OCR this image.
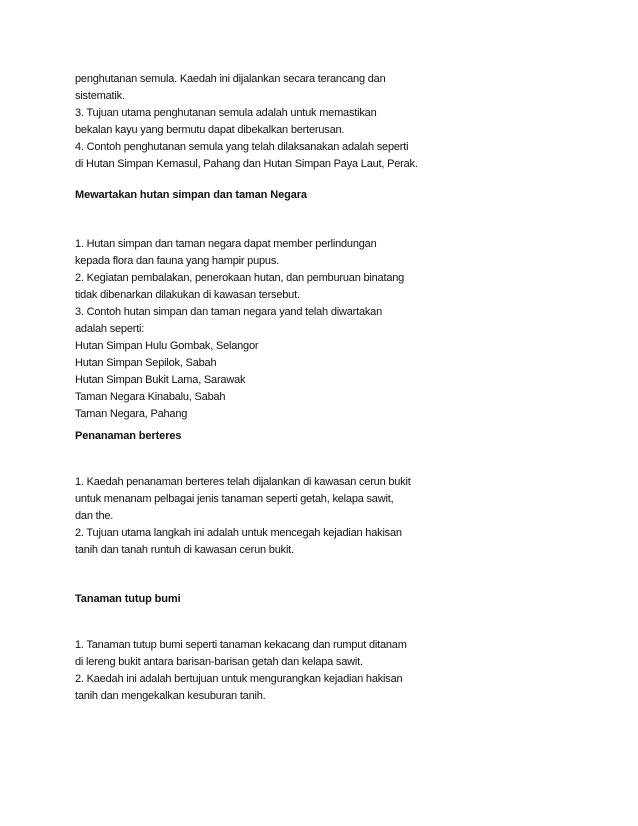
penghutanan semula. Kaedah ini dijalankan secara terancang dan
sistematik.
3. Tujuan utama penghutanan semula adalah untuk memastikan
bekalan kayu yang bermutu dapat dibekalkan berterusan.
4. Contoh penghutanan semula yang telah dilaksanakan adalah seperti
di Hutan Simpan Kemasul, Pahang dan Hutan Simpan Paya Laut, Perak.
Mewartakan hutan simpan dan taman Negara
1. Hutan simpan dan taman negara dapat member perlindungan
kepada flora dan fauna yang hampir pupus.
2. Kegiatan pembalakan, penerokaan hutan, dan pemburuan binatang
tidak dibenarkan dilakukan di kawasan tersebut.
3. Contoh hutan simpan dan taman negara yand telah diwartakan
adalah seperti:
Hutan Simpan Hulu Gombak, Selangor
Hutan Simpan Sepilok, Sabah
Hutan Simpan Bukit Lama, Sarawak
Taman Negara Kinabalu, Sabah
Taman Negara, Pahang
Penanaman berteres
1. Kaedah penanaman berteres telah dijalankan di kawasan cerun bukit
untuk menanam pelbagai jenis tanaman seperti getah, kelapa sawit,
dan the.
2. Tujuan utama langkah ini adalah untuk mencegah kejadian hakisan
tanih dan tanah runtuh di kawasan cerun bukit.
Tanaman tutup bumi
1. Tanaman tutup bumi seperti tanaman kekacang dan rumput ditanam
di lereng bukit antara barisan-barisan getah dan kelapa sawit.
2. Kaedah ini adalah bertujuan untuk mengurangkan kejadian hakisan
tanih dan mengekalkan kesuburan tanih.
